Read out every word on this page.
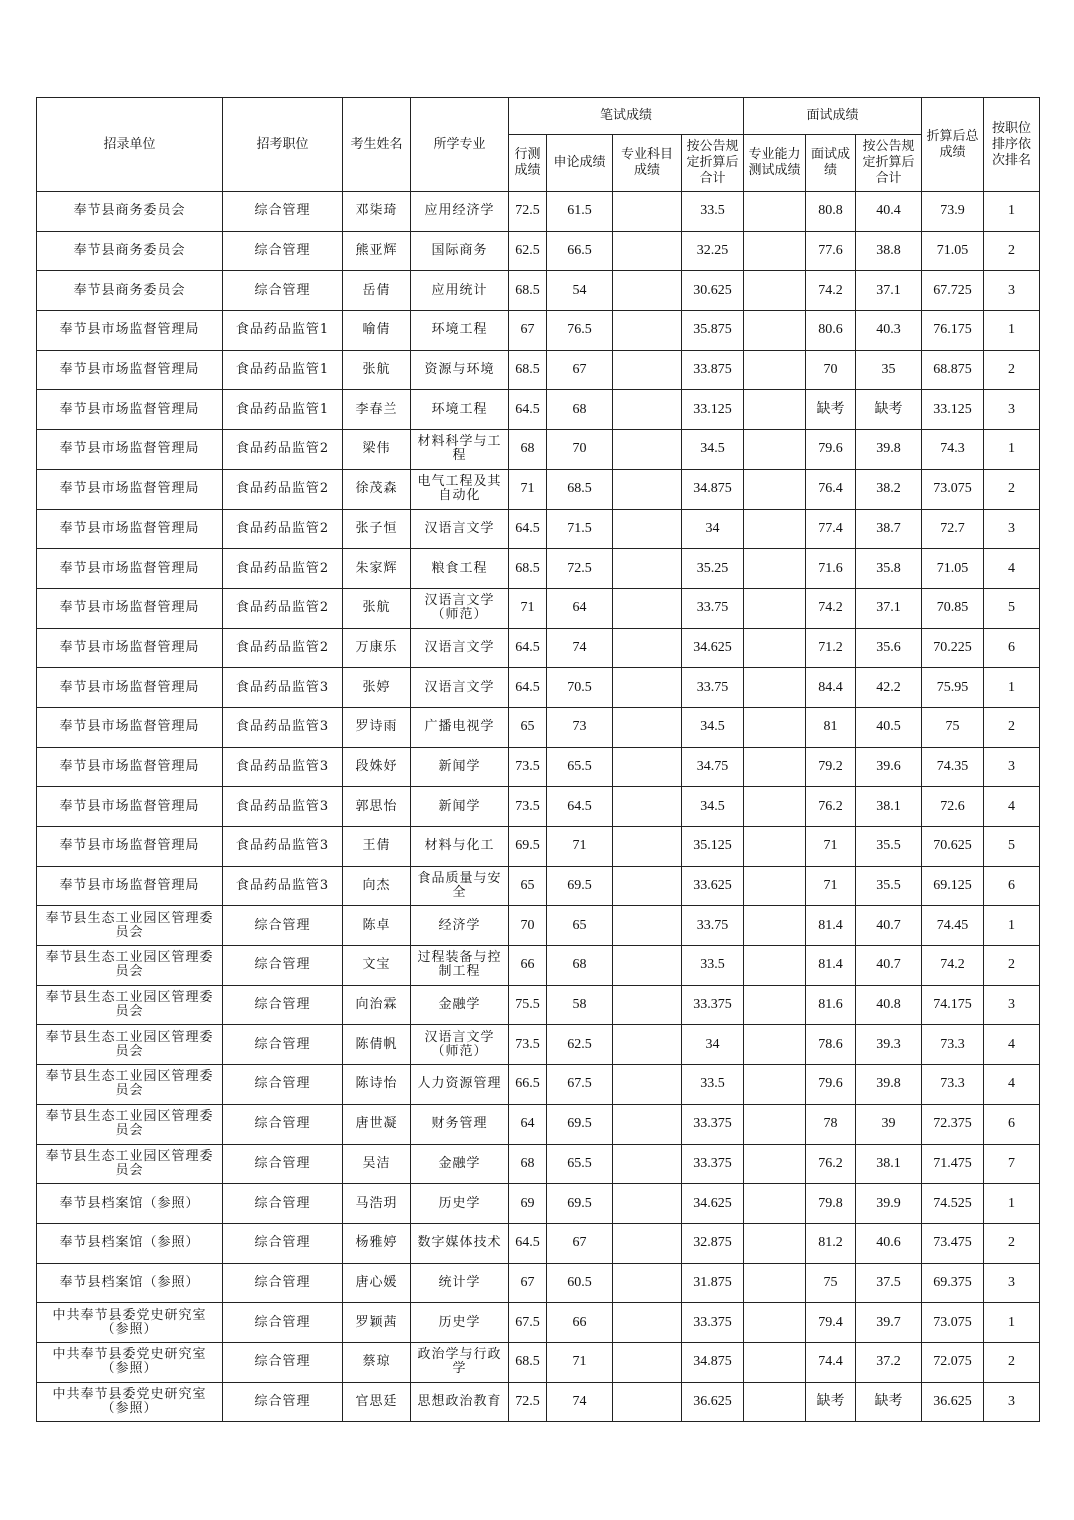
招录单位	招考职位	考生姓名	所学专业	笔试成绩				面试成绩			折算后总成绩	按职位排序依次排名
				行测成绩	申论成绩	专业科目成绩	按公告规定折算后合计	专业能力测试成绩	面试成绩	按公告规定折算后合计		
奉节县商务委员会	综合管理	邓柒琦	应用经济学	72.5	61.5		33.5		80.8	40.4	73.9	1
奉节县商务委员会	综合管理	熊亚辉	国际商务	62.5	66.5		32.25		77.6	38.8	71.05	2
奉节县商务委员会	综合管理	岳倩	应用统计	68.5	54		30.625		74.2	37.1	67.725	3
奉节县市场监督管理局	食品药品监管1	喻倩	环境工程	67	76.5		35.875		80.6	40.3	76.175	1
奉节县市场监督管理局	食品药品监管1	张航	资源与环境	68.5	67		33.875		70	35	68.875	2
奉节县市场监督管理局	食品药品监管1	李春兰	环境工程	64.5	68		33.125		缺考	缺考	33.125	3
奉节县市场监督管理局	食品药品监管2	梁伟	材料科学与工程	68	70		34.5		79.6	39.8	74.3	1
奉节县市场监督管理局	食品药品监管2	徐茂森	电气工程及其自动化	71	68.5		34.875		76.4	38.2	73.075	2
奉节县市场监督管理局	食品药品监管2	张子恒	汉语言文学	64.5	71.5		34		77.4	38.7	72.7	3
奉节县市场监督管理局	食品药品监管2	朱家辉	粮食工程	68.5	72.5		35.25		71.6	35.8	71.05	4
奉节县市场监督管理局	食品药品监管2	张航	汉语言文学（师范）	71	64		33.75		74.2	37.1	70.85	5
奉节县市场监督管理局	食品药品监管2	万康乐	汉语言文学	64.5	74		34.625		71.2	35.6	70.225	6
奉节县市场监督管理局	食品药品监管3	张婷	汉语言文学	64.5	70.5		33.75		84.4	42.2	75.95	1
奉节县市场监督管理局	食品药品监管3	罗诗雨	广播电视学	65	73		34.5		81	40.5	75	2
奉节县市场监督管理局	食品药品监管3	段姝妤	新闻学	73.5	65.5		34.75		79.2	39.6	74.35	3
奉节县市场监督管理局	食品药品监管3	郭思怡	新闻学	73.5	64.5		34.5		76.2	38.1	72.6	4
奉节县市场监督管理局	食品药品监管3	王倩	材料与化工	69.5	71		35.125		71	35.5	70.625	5
奉节县市场监督管理局	食品药品监管3	向杰	食品质量与安全	65	69.5		33.625		71	35.5	69.125	6
奉节县生态工业园区管理委员会	综合管理	陈卓	经济学	70	65		33.75		81.4	40.7	74.45	1
奉节县生态工业园区管理委员会	综合管理	文宝	过程装备与控制工程	66	68		33.5		81.4	40.7	74.2	2
奉节县生态工业园区管理委员会	综合管理	向治霖	金融学	75.5	58		33.375		81.6	40.8	74.175	3
奉节县生态工业园区管理委员会	综合管理	陈倩帆	汉语言文学（师范）	73.5	62.5		34		78.6	39.3	73.3	4
奉节县生态工业园区管理委员会	综合管理	陈诗怡	人力资源管理	66.5	67.5		33.5		79.6	39.8	73.3	4
奉节县生态工业园区管理委员会	综合管理	唐世凝	财务管理	64	69.5		33.375		78	39	72.375	6
奉节县生态工业园区管理委员会	综合管理	吴洁	金融学	68	65.5		33.375		76.2	38.1	71.475	7
奉节县档案馆（参照）	综合管理	马浩玥	历史学	69	69.5		34.625		79.8	39.9	74.525	1
奉节县档案馆（参照）	综合管理	杨雅婷	数字媒体技术	64.5	67		32.875		81.2	40.6	73.475	2
奉节县档案馆（参照）	综合管理	唐心媛	统计学	67	60.5		31.875		75	37.5	69.375	3
中共奉节县委党史研究室（参照）	综合管理	罗颖茜	历史学	67.5	66		33.375		79.4	39.7	73.075	1
中共奉节县委党史研究室（参照）	综合管理	蔡琼	政治学与行政学	68.5	71		34.875		74.4	37.2	72.075	2
中共奉节县委党史研究室（参照）	综合管理	官思廷	思想政治教育	72.5	74		36.625		缺考	缺考	36.625	3
